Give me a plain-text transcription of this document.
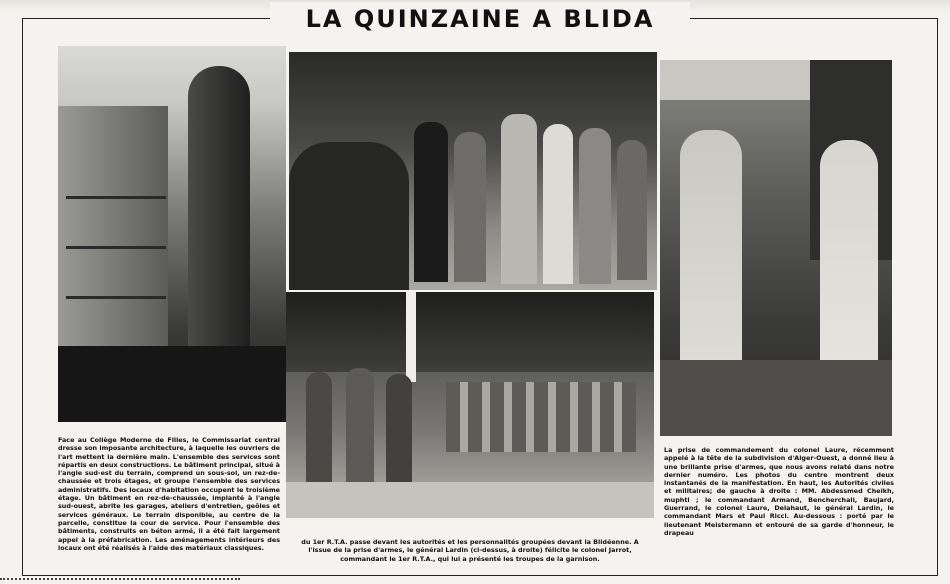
LA QUINZAINE A BLIDA
Face au Collège Moderne de Filles, le Commissariat central dresse son imposante architecture, à laquelle les ouvriers de l'art mettent la dernière main. L'ensemble des services sont répartis en deux constructions. Le bâtiment principal, situé à l'angle sud-est du terrain, comprend un sous-sol, un rez-de-chaussée et trois étages, et groupe l'ensemble des services administratifs. Des locaux d'habitation occupent le troisième étage. Un bâtiment en rez-de-chaussée, implanté à l'angle sud-ouest, abrite les garages, ateliers d'entretien, geôles et services généraux. Le terrain disponible, au centre de la parcelle, constitue la cour de service. Pour l'ensemble des bâtiments, construits en béton armé, il a été fait largement appel à la préfabrication. Les aménagements intérieurs des locaux ont été réalisés à l'aide des matériaux classiques.
du 1er R.T.A. passe devant les autorités et les personnalités groupées devant la Blidéenne. A l'issue de la prise d'armes, le général Lardin (ci-dessus, à droite) félicite le colonel Jarrot, commandant le 1er R.T.A., qui lui a présenté les troupes de la garnison.
La prise de commandement du colonel Laure, récemment appelé à la tête de la subdivision d'Alger-Ouest, a donné lieu à une brillante prise d'armes, que nous avons relaté dans notre dernier numéro. Les photos du centre montrent deux instantanés de la manifestation. En haut, les Autorités civiles et militaires; de gauche à droite : MM. Abdessmed Cheikh, muphti ; le commandant Armand, Bencherchali, Baujard, Guerrand, le colonel Laure, Delahaut, le général Lardin, le commandant Mars et Paul Ricci. Au-dessous : porté par le lieutenant Meistermann et entouré de sa garde d'honneur, le drapeau
